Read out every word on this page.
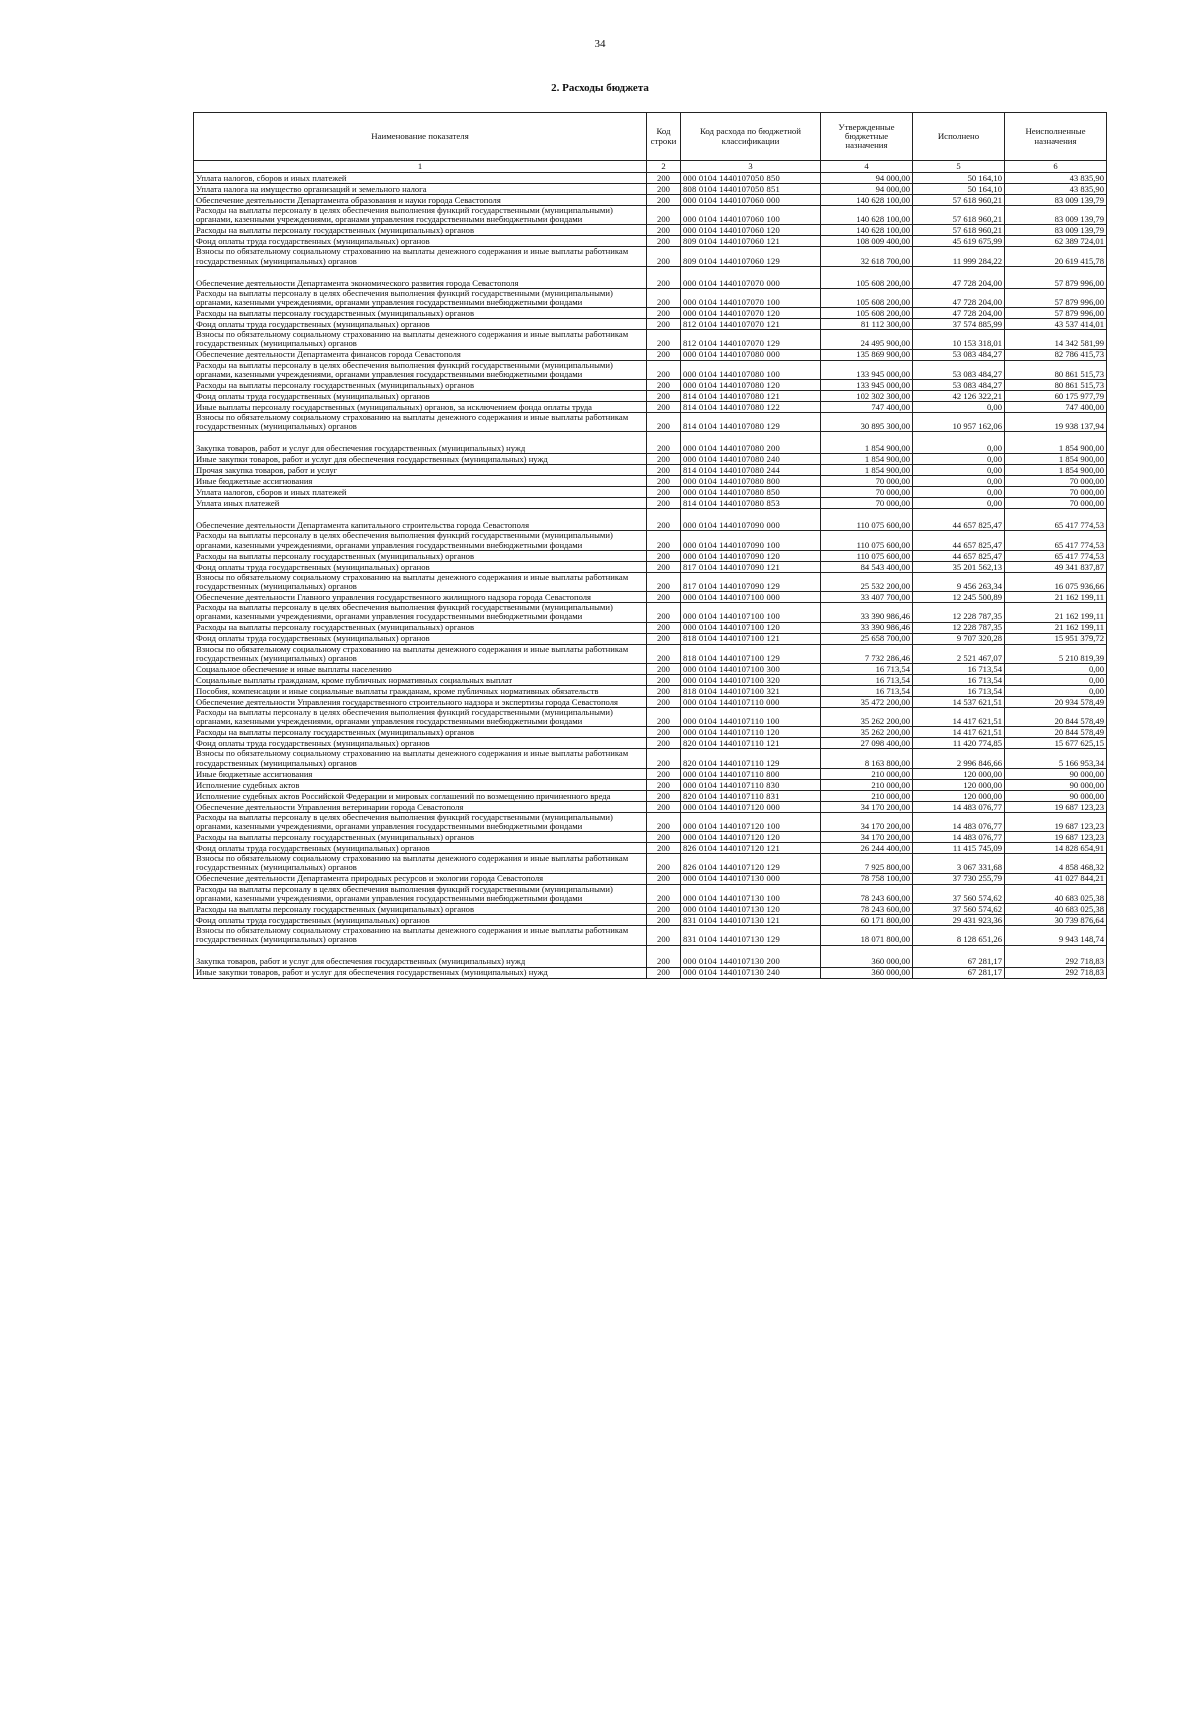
34
2. Расходы бюджета
Наименование показателя	Код строки	Код расхода по бюджетной классификации	Утвержденные бюджетные назначения	Исполнено	Неисполненные назначения
1	2	3	4	5	6
Уплата налогов, сборов и иных платежей	200	000 0104 1440107050 850	94 000,00	50 164,10	43 835,90
Уплата налога на имущество организаций и земельного налога	200	808 0104 1440107050 851	94 000,00	50 164,10	43 835,90
Обеспечение деятельности Департамента образования и науки города Севастополя	200	000 0104 1440107060 000	140 628 100,00	57 618 960,21	83 009 139,79
Расходы на выплаты персоналу в целях обеспечения выполнения функций государственными (муниципальными) органами, казенными учреждениями, органами управления государственными внебюджетными фондами	200	000 0104 1440107060 100	140 628 100,00	57 618 960,21	83 009 139,79
Расходы на выплаты персоналу государственных (муниципальных) органов	200	000 0104 1440107060 120	140 628 100,00	57 618 960,21	83 009 139,79
Фонд оплаты труда государственных (муниципальных) органов	200	809 0104 1440107060 121	108 009 400,00	45 619 675,99	62 389 724,01
Взносы по обязательному социальному страхованию на выплаты денежного содержания и иные выплаты работникам государственных (муниципальных) органов	200	809 0104 1440107060 129	32 618 700,00	11 999 284,22	20 619 415,78
Обеспечение деятельности Департамента экономического развития города Севастополя	200	000 0104 1440107070 000	105 608 200,00	47 728 204,00	57 879 996,00
Расходы на выплаты персоналу в целях обеспечения выполнения функций государственными (муниципальными) органами, казенными учреждениями, органами управления государственными внебюджетными фондами	200	000 0104 1440107070 100	105 608 200,00	47 728 204,00	57 879 996,00
Расходы на выплаты персоналу государственных (муниципальных) органов	200	000 0104 1440107070 120	105 608 200,00	47 728 204,00	57 879 996,00
Фонд оплаты труда государственных (муниципальных) органов	200	812 0104 1440107070 121	81 112 300,00	37 574 885,99	43 537 414,01
Взносы по обязательному социальному страхованию на выплаты денежного содержания и иные выплаты работникам государственных (муниципальных) органов	200	812 0104 1440107070 129	24 495 900,00	10 153 318,01	14 342 581,99
Обеспечение деятельности Департамента финансов города Севастополя	200	000 0104 1440107080 000	135 869 900,00	53 083 484,27	82 786 415,73
Расходы на выплаты персоналу в целях обеспечения выполнения функций государственными (муниципальными) органами, казенными учреждениями, органами управления государственными внебюджетными фондами	200	000 0104 1440107080 100	133 945 000,00	53 083 484,27	80 861 515,73
Расходы на выплаты персоналу государственных (муниципальных) органов	200	000 0104 1440107080 120	133 945 000,00	53 083 484,27	80 861 515,73
Фонд оплаты труда государственных (муниципальных) органов	200	814 0104 1440107080 121	102 302 300,00	42 126 322,21	60 175 977,79
Иные выплаты персоналу государственных (муниципальных) органов, за исключением фонда оплаты труда	200	814 0104 1440107080 122	747 400,00	0,00	747 400,00
Взносы по обязательному социальному страхованию на выплаты денежного содержания и иные выплаты работникам государственных (муниципальных) органов	200	814 0104 1440107080 129	30 895 300,00	10 957 162,06	19 938 137,94
Закупка товаров, работ и услуг для обеспечения государственных (муниципальных) нужд	200	000 0104 1440107080 200	1 854 900,00	0,00	1 854 900,00
Иные закупки товаров, работ и услуг для обеспечения государственных (муниципальных) нужд	200	000 0104 1440107080 240	1 854 900,00	0,00	1 854 900,00
Прочая закупка товаров, работ и услуг	200	814 0104 1440107080 244	1 854 900,00	0,00	1 854 900,00
Иные бюджетные ассигнования	200	000 0104 1440107080 800	70 000,00	0,00	70 000,00
Уплата налогов, сборов и иных платежей	200	000 0104 1440107080 850	70 000,00	0,00	70 000,00
Уплата иных платежей	200	814 0104 1440107080 853	70 000,00	0,00	70 000,00
Обеспечение деятельности Департамента капитального строительства города Севастополя	200	000 0104 1440107090 000	110 075 600,00	44 657 825,47	65 417 774,53
Расходы на выплаты персоналу в целях обеспечения выполнения функций государственными (муниципальными) органами, казенными учреждениями, органами управления государственными внебюджетными фондами	200	000 0104 1440107090 100	110 075 600,00	44 657 825,47	65 417 774,53
Расходы на выплаты персоналу государственных (муниципальных) органов	200	000 0104 1440107090 120	110 075 600,00	44 657 825,47	65 417 774,53
Фонд оплаты труда государственных (муниципальных) органов	200	817 0104 1440107090 121	84 543 400,00	35 201 562,13	49 341 837,87
Взносы по обязательному социальному страхованию на выплаты денежного содержания и иные выплаты работникам государственных (муниципальных) органов	200	817 0104 1440107090 129	25 532 200,00	9 456 263,34	16 075 936,66
Обеспечение деятельности Главного управления государственного жилищного надзора города Севастополя	200	000 0104 1440107100 000	33 407 700,00	12 245 500,89	21 162 199,11
Расходы на выплаты персоналу в целях обеспечения выполнения функций государственными (муниципальными) органами, казенными учреждениями, органами управления государственными внебюджетными фондами	200	000 0104 1440107100 100	33 390 986,46	12 228 787,35	21 162 199,11
Расходы на выплаты персоналу государственных (муниципальных) органов	200	000 0104 1440107100 120	33 390 986,46	12 228 787,35	21 162 199,11
Фонд оплаты труда государственных (муниципальных) органов	200	818 0104 1440107100 121	25 658 700,00	9 707 320,28	15 951 379,72
Взносы по обязательному социальному страхованию на выплаты денежного содержания и иные выплаты работникам государственных (муниципальных) органов	200	818 0104 1440107100 129	7 732 286,46	2 521 467,07	5 210 819,39
Социальное обеспечение и иные выплаты населению	200	000 0104 1440107100 300	16 713,54	16 713,54	0,00
Социальные выплаты гражданам, кроме публичных нормативных социальных выплат	200	000 0104 1440107100 320	16 713,54	16 713,54	0,00
Пособия, компенсации и иные социальные выплаты гражданам, кроме публичных нормативных обязательств	200	818 0104 1440107100 321	16 713,54	16 713,54	0,00
Обеспечение деятельности Управления государственного строительного надзора и экспертизы города Севастополя	200	000 0104 1440107110 000	35 472 200,00	14 537 621,51	20 934 578,49
Расходы на выплаты персоналу в целях обеспечения выполнения функций государственными (муниципальными) органами, казенными учреждениями, органами управления государственными внебюджетными фондами	200	000 0104 1440107110 100	35 262 200,00	14 417 621,51	20 844 578,49
Расходы на выплаты персоналу государственных (муниципальных) органов	200	000 0104 1440107110 120	35 262 200,00	14 417 621,51	20 844 578,49
Фонд оплаты труда государственных (муниципальных) органов	200	820 0104 1440107110 121	27 098 400,00	11 420 774,85	15 677 625,15
Взносы по обязательному социальному страхованию на выплаты денежного содержания и иные выплаты работникам государственных (муниципальных) органов	200	820 0104 1440107110 129	8 163 800,00	2 996 846,66	5 166 953,34
Иные бюджетные ассигнования	200	000 0104 1440107110 800	210 000,00	120 000,00	90 000,00
Исполнение судебных актов	200	000 0104 1440107110 830	210 000,00	120 000,00	90 000,00
Исполнение судебных актов Российской Федерации и мировых соглашений по возмещению причиненного вреда	200	820 0104 1440107110 831	210 000,00	120 000,00	90 000,00
Обеспечение деятельности Управления ветеринарии города Севастополя	200	000 0104 1440107120 000	34 170 200,00	14 483 076,77	19 687 123,23
Расходы на выплаты персоналу в целях обеспечения выполнения функций государственными (муниципальными) органами, казенными учреждениями, органами управления государственными внебюджетными фондами	200	000 0104 1440107120 100	34 170 200,00	14 483 076,77	19 687 123,23
Расходы на выплаты персоналу государственных (муниципальных) органов	200	000 0104 1440107120 120	34 170 200,00	14 483 076,77	19 687 123,23
Фонд оплаты труда государственных (муниципальных) органов	200	826 0104 1440107120 121	26 244 400,00	11 415 745,09	14 828 654,91
Взносы по обязательному социальному страхованию на выплаты денежного содержания и иные выплаты работникам государственных (муниципальных) органов	200	826 0104 1440107120 129	7 925 800,00	3 067 331,68	4 858 468,32
Обеспечение деятельности Департамента природных ресурсов и экологии города Севастополя	200	000 0104 1440107130 000	78 758 100,00	37 730 255,79	41 027 844,21
Расходы на выплаты персоналу в целях обеспечения выполнения функций государственными (муниципальными) органами, казенными учреждениями, органами управления государственными внебюджетными фондами	200	000 0104 1440107130 100	78 243 600,00	37 560 574,62	40 683 025,38
Расходы на выплаты персоналу государственных (муниципальных) органов	200	000 0104 1440107130 120	78 243 600,00	37 560 574,62	40 683 025,38
Фонд оплаты труда государственных (муниципальных) органов	200	831 0104 1440107130 121	60 171 800,00	29 431 923,36	30 739 876,64
Взносы по обязательному социальному страхованию на выплаты денежного содержания и иные выплаты работникам государственных (муниципальных) органов	200	831 0104 1440107130 129	18 071 800,00	8 128 651,26	9 943 148,74
Закупка товаров, работ и услуг для обеспечения государственных (муниципальных) нужд	200	000 0104 1440107130 200	360 000,00	67 281,17	292 718,83
Иные закупки товаров, работ и услуг для обеспечения государственных (муниципальных) нужд	200	000 0104 1440107130 240	360 000,00	67 281,17	292 718,83
